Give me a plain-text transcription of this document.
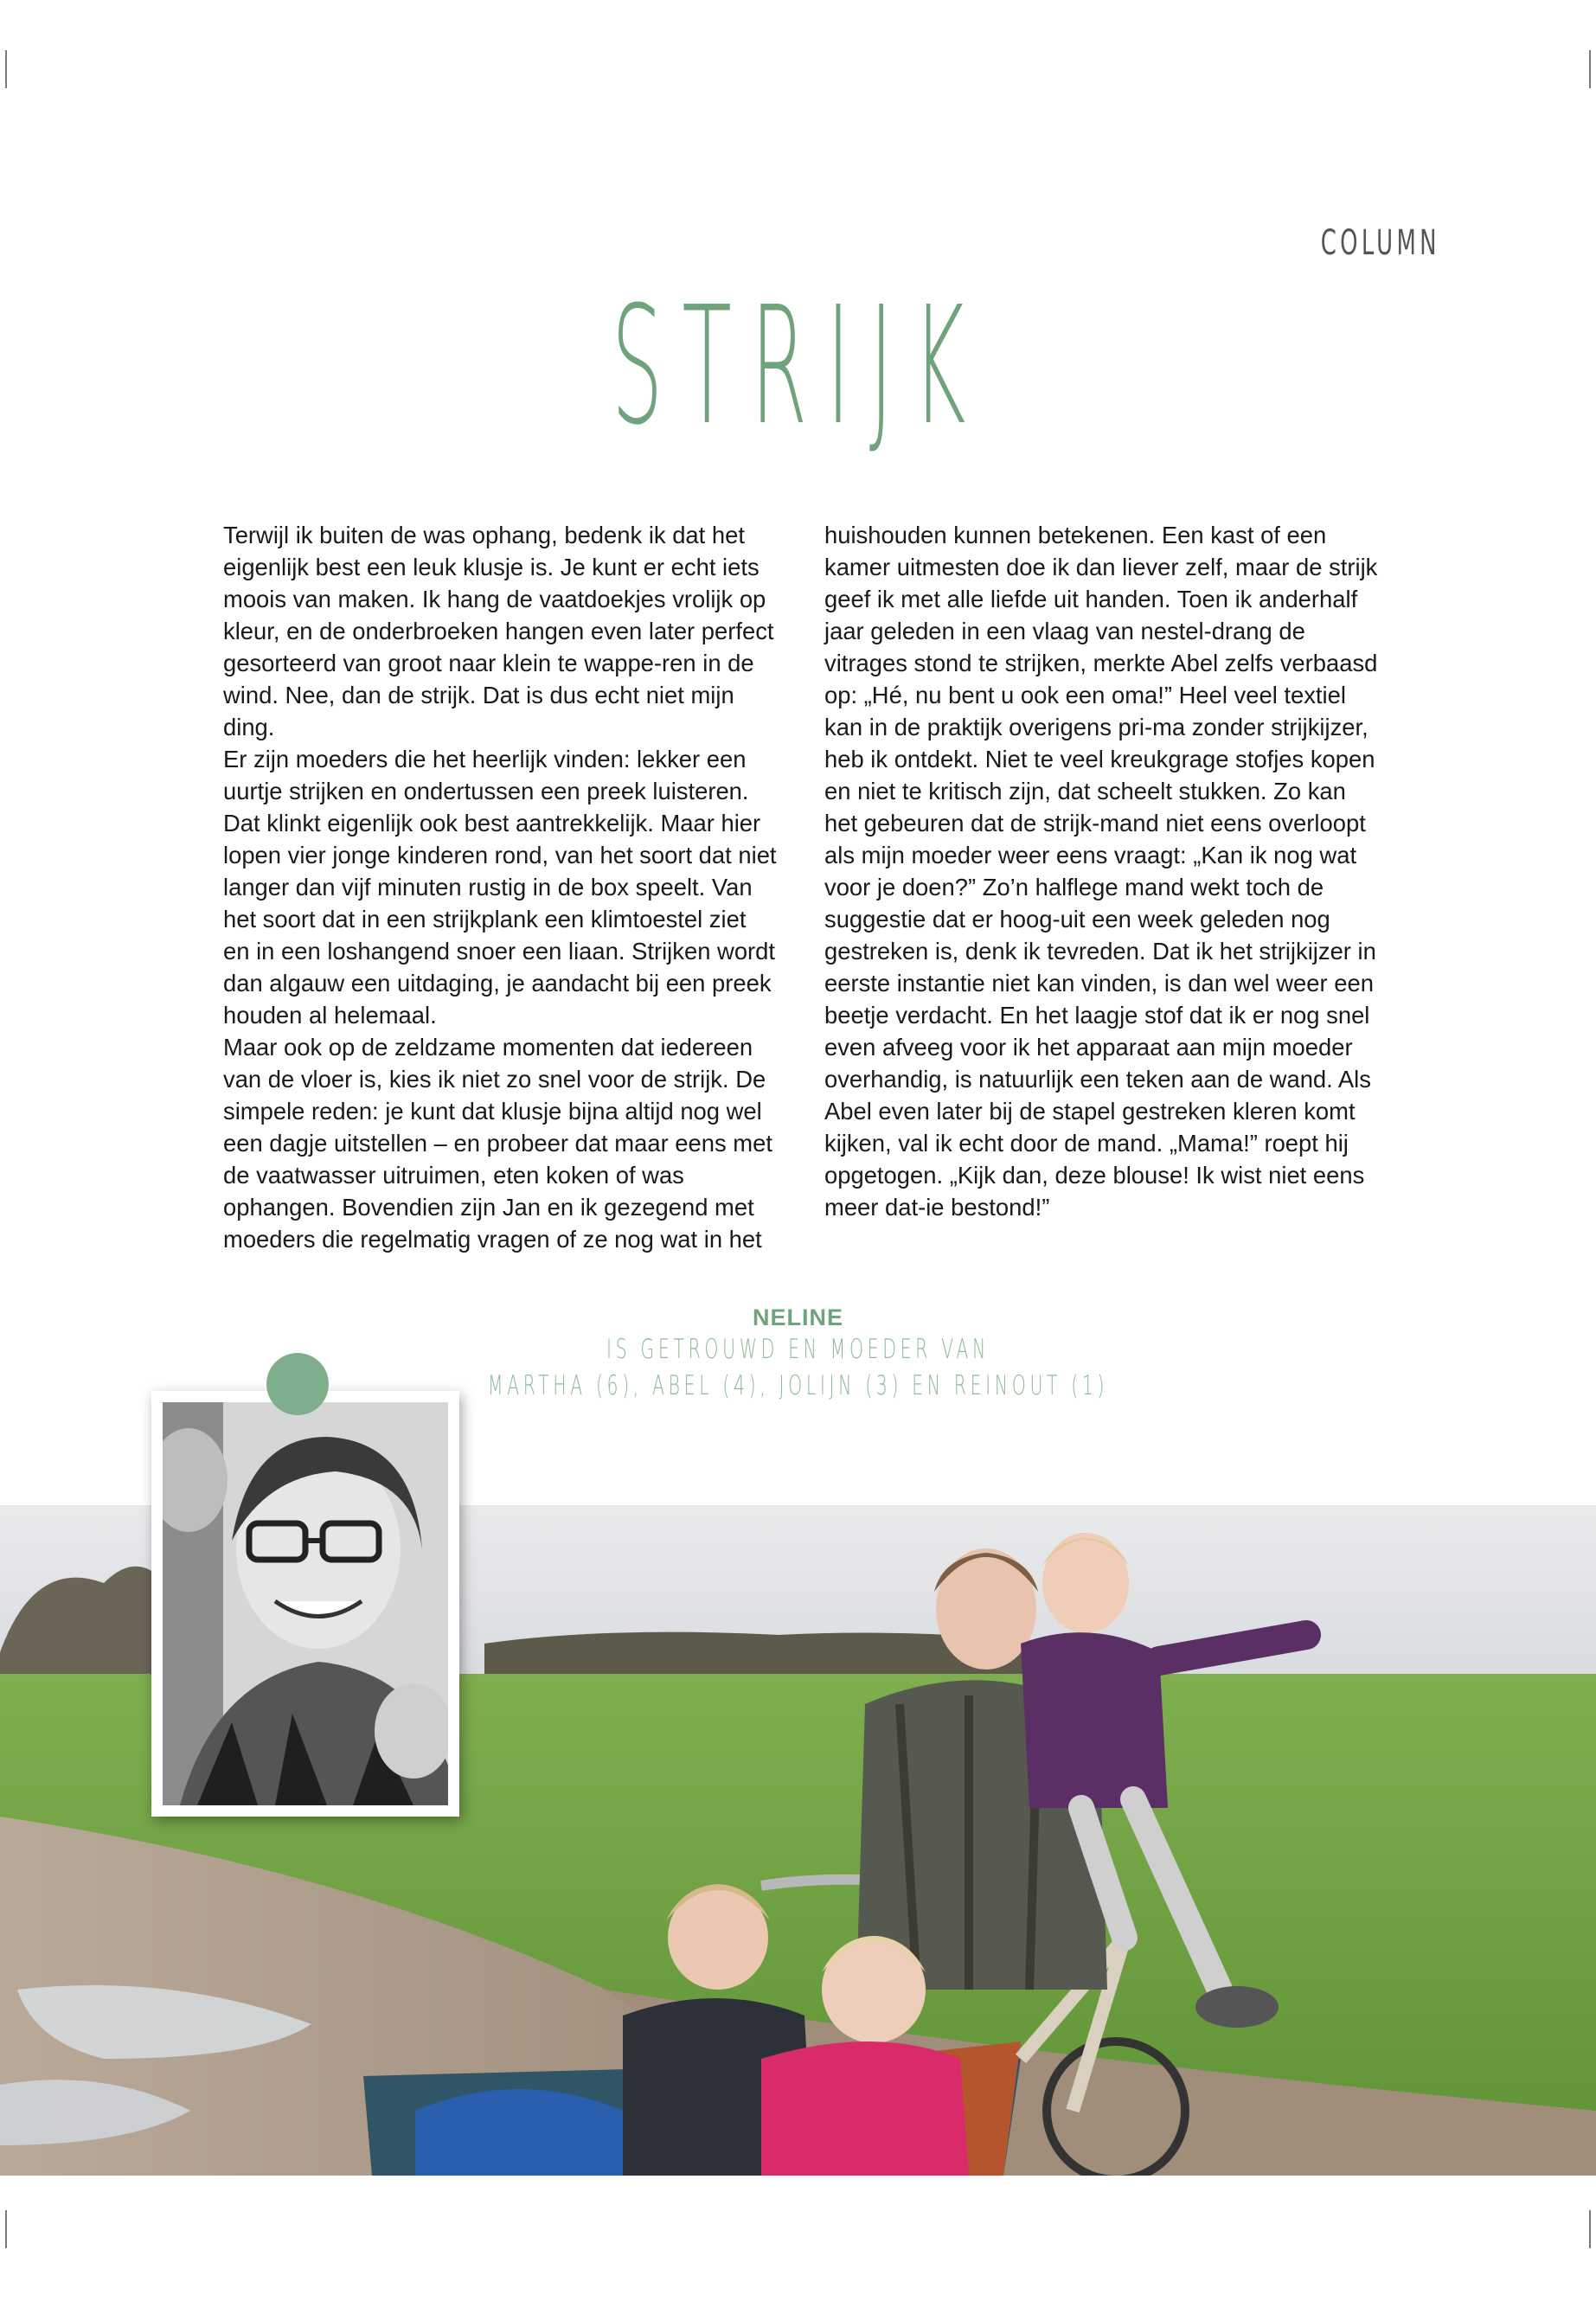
COLUMN
STRIJK

Terwijl ik buiten de was ophang, bedenk ik dat het eigenlijk best een leuk klusje is. Je kunt er echt iets moois van maken. Ik hang de vaatdoekjes vrolijk op kleur, en de onderbroeken hangen even later perfect gesorteerd van groot naar klein te wappe-ren in de wind. Nee, dan de strijk. Dat is dus echt niet mijn ding.

Er zijn moeders die het heerlijk vinden: lekker een uurtje strijken en ondertussen een preek luisteren. Dat klinkt eigenlijk ook best aantrekkelijk. Maar hier lopen vier jonge kinderen rond, van het soort dat niet langer dan vijf minuten rustig in de box speelt. Van het soort dat in een strijkplank een klimtoestel ziet en in een loshangend snoer een liaan. Strijken wordt dan algauw een uitdaging, je aandacht bij een preek houden al helemaal.

Maar ook op de zeldzame momenten dat iedereen van de vloer is, kies ik niet zo snel voor de strijk. De simpele reden: je kunt dat klusje bijna altijd nog wel een dagje uitstellen – en probeer dat maar eens met de vaatwasser uitruimen, eten koken of was ophangen. Bovendien zijn Jan en ik gezegend met moeders die regelmatig vragen of ze nog wat in het

huishouden kunnen betekenen. Een kast of een kamer uitmesten doe ik dan liever zelf, maar de strijk geef ik met alle liefde uit handen. Toen ik anderhalf jaar geleden in een vlaag van nestel-drang de vitrages stond te strijken, merkte Abel zelfs verbaasd op: „Hé, nu bent u ook een oma!” Heel veel textiel kan in de praktijk overigens pri-ma zonder strijkijzer, heb ik ontdekt. Niet te veel kreukgrage stofjes kopen en niet te kritisch zijn, dat scheelt stukken. Zo kan het gebeuren dat de strijk-mand niet eens overloopt als mijn moeder weer eens vraagt: „Kan ik nog wat voor je doen?” Zo’n halflege mand wekt toch de suggestie dat er hoog-uit een week geleden nog gestreken is, denk ik tevreden. Dat ik het strijkijzer in eerste instantie niet kan vinden, is dan wel weer een beetje verdacht. En het laagje stof dat ik er nog snel even afveeg voor ik het apparaat aan mijn moeder overhandig, is natuurlijk een teken aan de wand. Als Abel even later bij de stapel gestreken kleren komt kijken, val ik echt door de mand. „Mama!” roept hij opgetogen. „Kijk dan, deze blouse! Ik wist niet eens meer dat-ie bestond!”

NELINE
IS GETROUWD EN MOEDER VAN
MARTHA (6), ABEL (4), JOLIJN (3) EN REINOUT (1)
